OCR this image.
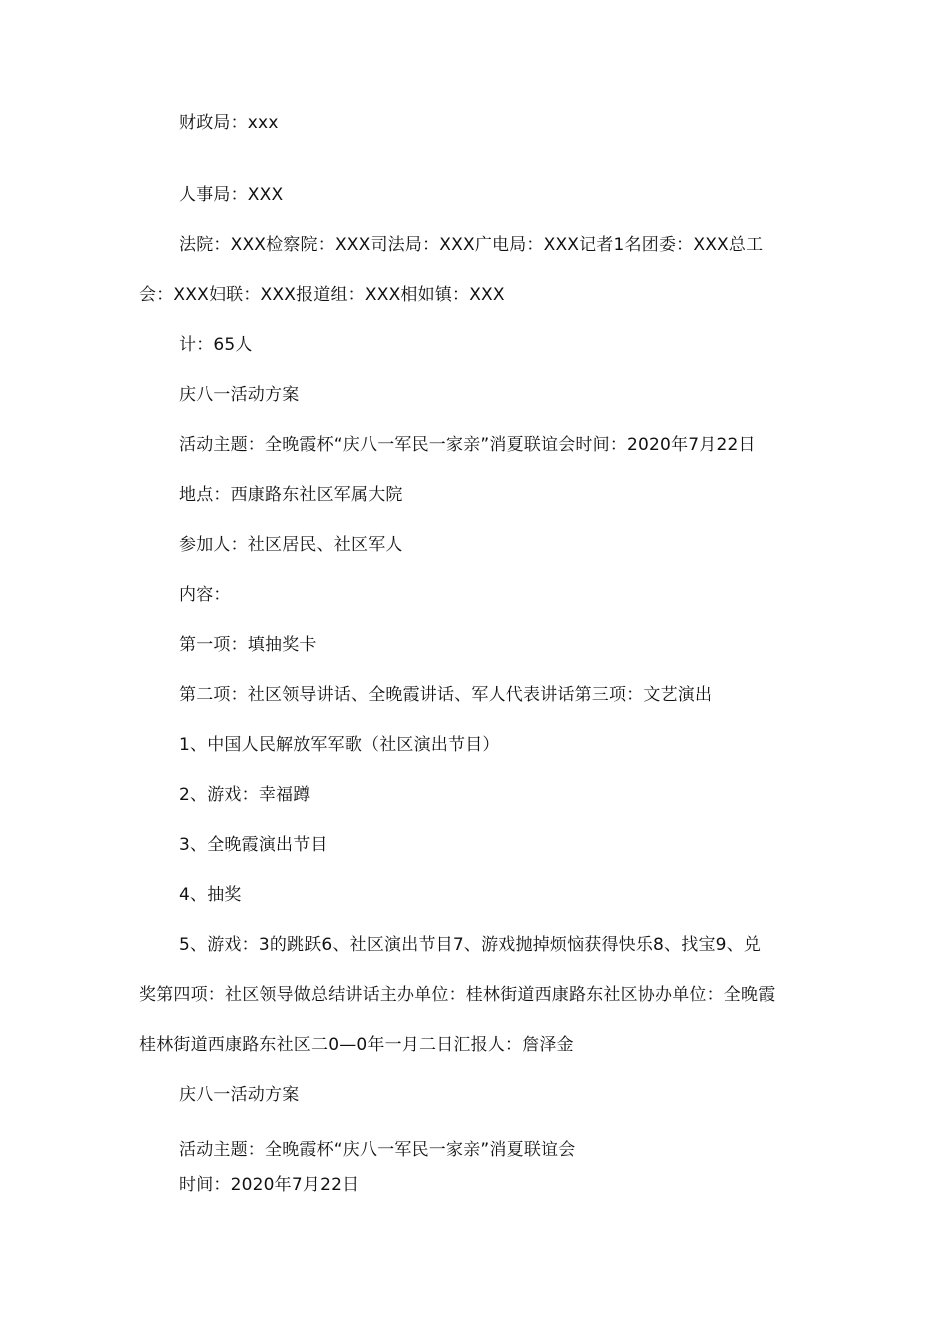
财政局：xxx
人事局：XXX
法院：XXX检察院：XXX司法局：XXX广电局：XXX记者1名团委：XXX总工
会：XXX妇联：XXX报道组：XXX相如镇：XXX
计：65人
庆八一活动方案
活动主题：全晚霞杯“庆八一军民一家亲”消夏联谊会时间：2020年7月22日
地点：西康路东社区军属大院
参加人：社区居民、社区军人
内容：
第一项：填抽奖卡
第二项：社区领导讲话、全晚霞讲话、军人代表讲话第三项：文艺演出
1、中国人民解放军军歌（社区演出节目）
2、游戏：幸福蹲
3、全晚霞演出节目
4、抽奖
5、游戏：3的跳跃6、社区演出节目7、游戏抛掉烦恼获得快乐8、找宝9、兑
奖第四项：社区领导做总结讲话主办单位：桂林街道西康路东社区协办单位：全晚霞
桂林街道西康路东社区二0—0年一月二日汇报人：詹泽金
庆八一活动方案
活动主题：全晚霞杯“庆八一军民一家亲”消夏联谊会
时间：2020年7月22日
